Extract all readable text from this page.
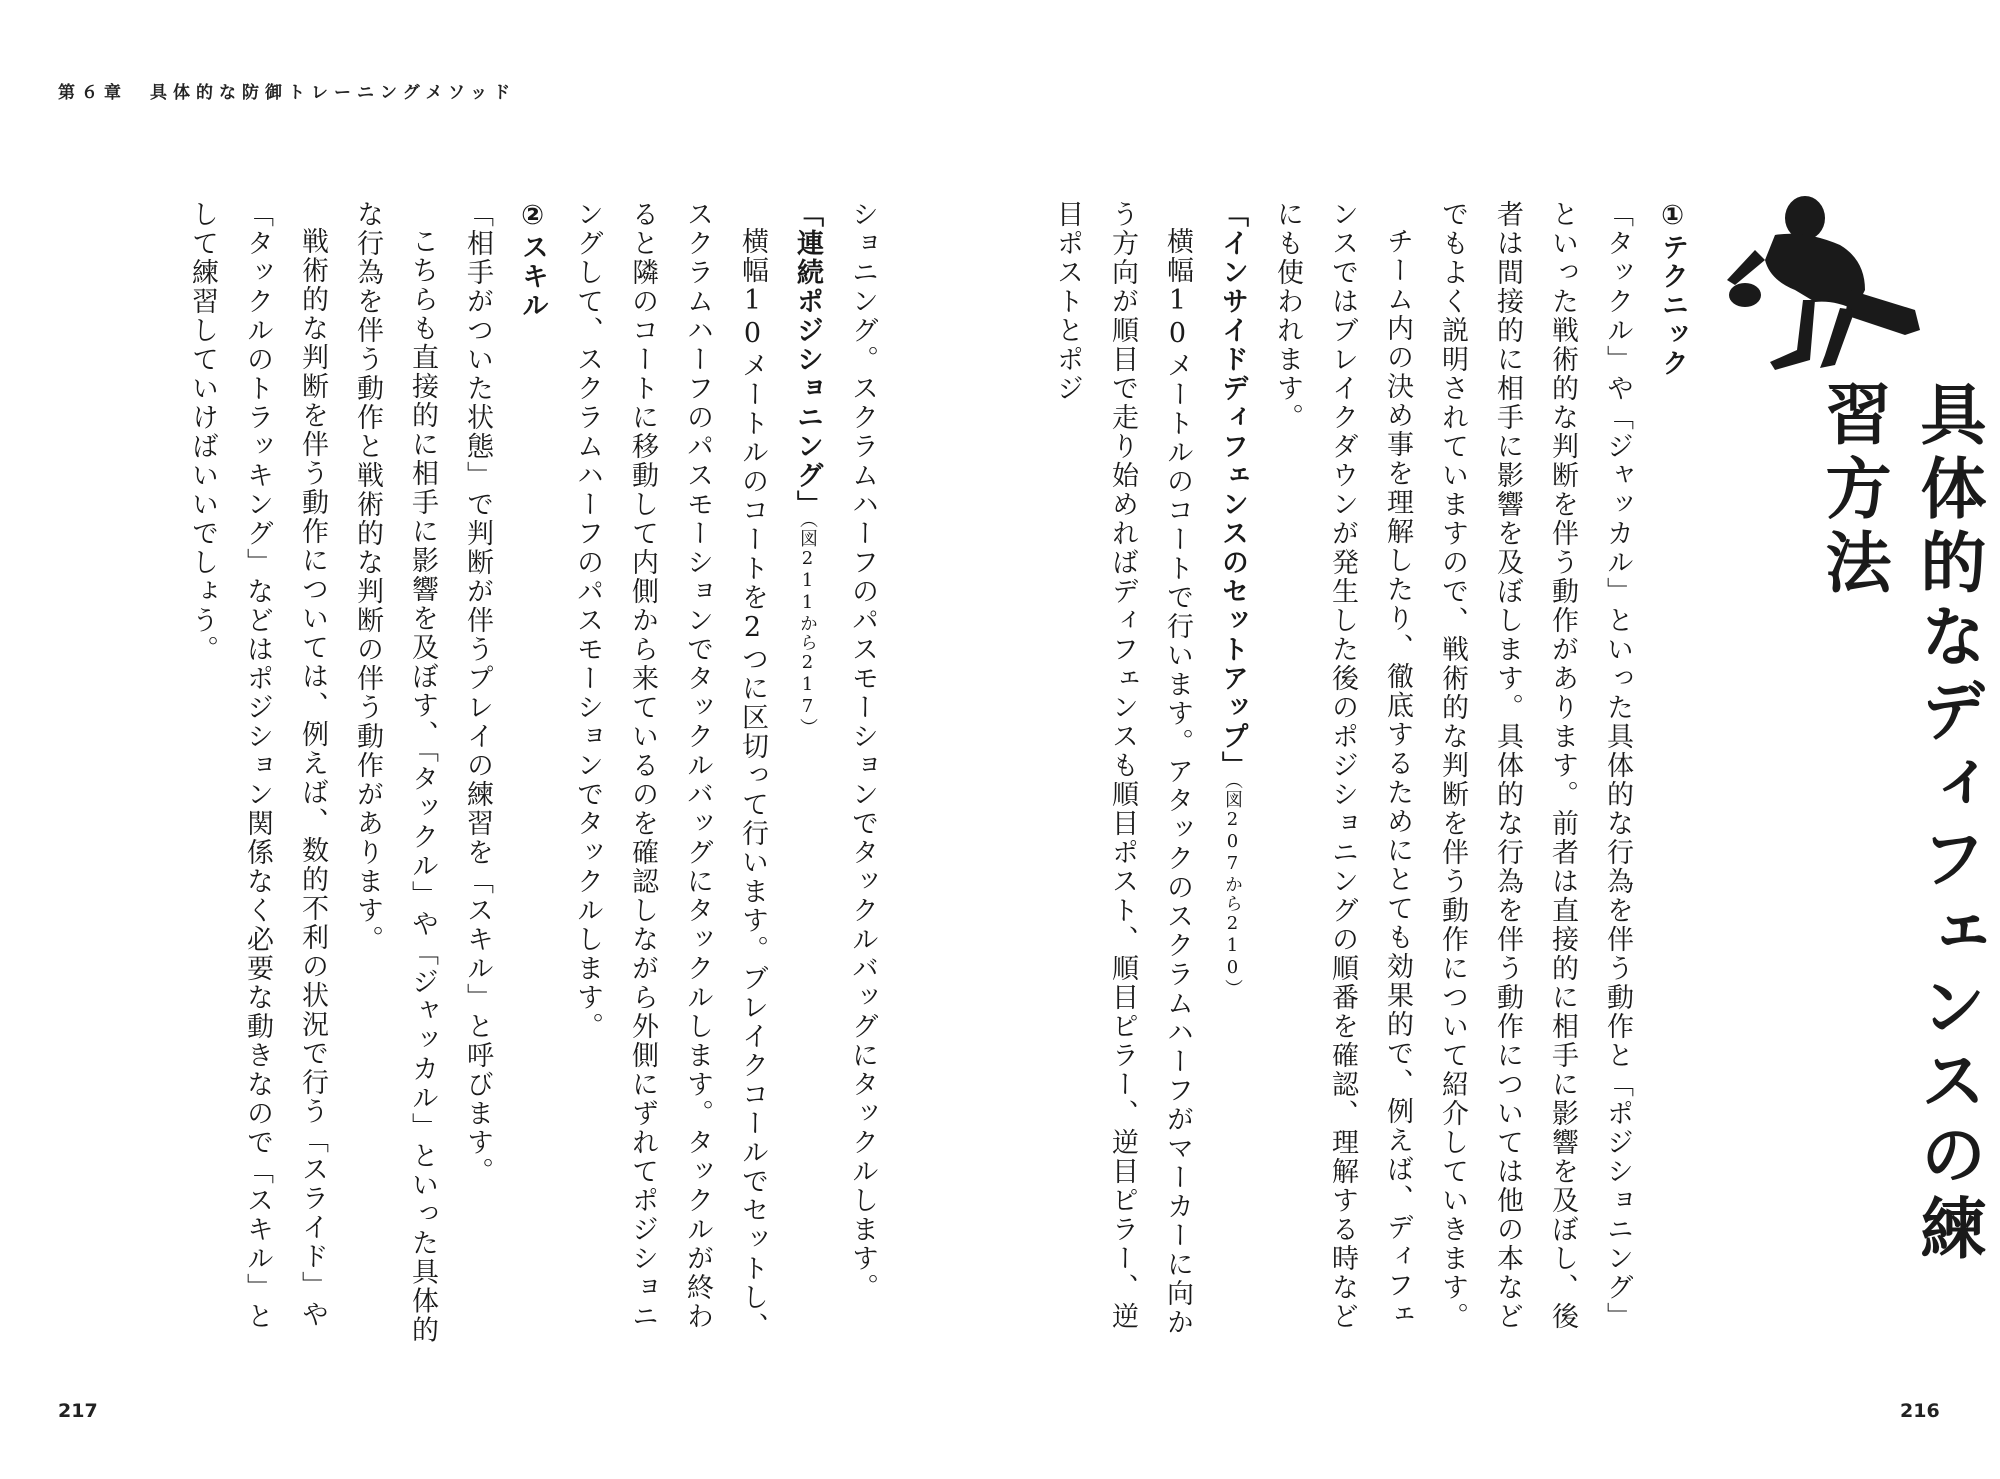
第６章　具体的な防御トレーニングメソッド
具体的なディフェンスの練習方法

①テクニック

「タックル」や「ジャッカル」といった具体的な行為を伴う動作と「ポジショニング」といった戦術的な判断を伴う動作があります。前者は直接的に相手に影響を及ぼし、後者は間接的に相手に影響を及ぼします。具体的な行為を伴う動作については他の本などでもよく説明されていますので、戦術的な判断を伴う動作について紹介していきます。

チーム内の決め事を理解したり、徹底するためにとても効果的で、例えば、ディフェンスではブレイクダウンが発生した後のポジショニングの順番を確認、理解する時などにも使われます。

「インサイドディフェンスのセットアップ」（図207から210）

横幅10メートルのコートで行います。アタックのスクラムハーフがマーカーに向かう方向が順目で走り始めればディフェンスも順目ポスト、順目ピラー、逆目ピラー、逆目ポストとポジ

ショニング。スクラムハーフのパスモーションでタックルバッグにタックルします。

「連続ポジショニング」（図211から217）

横幅10メートルのコートを2つに区切って行います。ブレイクコールでセットし、スクラムハーフのパスモーションでタックルバッグにタックルします。タックルが終わると隣のコートに移動して内側から来ているのを確認しながら外側にずれてポジショニングして、スクラムハーフのパスモーションでタックルします。

②スキル

「相手がついた状態」で判断が伴うプレイの練習を「スキル」と呼びます。

こちらも直接的に相手に影響を及ぼす、「タックル」や「ジャッカル」といった具体的な行為を伴う動作と戦術的な判断の伴う動作があります。

戦術的な判断を伴う動作については、例えば、数的不利の状況で行う「スライド」や「タックルのトラッキング」などはポジション関係なく必要な動きなので「スキル」として練習していけばいいでしょう。

217	216
